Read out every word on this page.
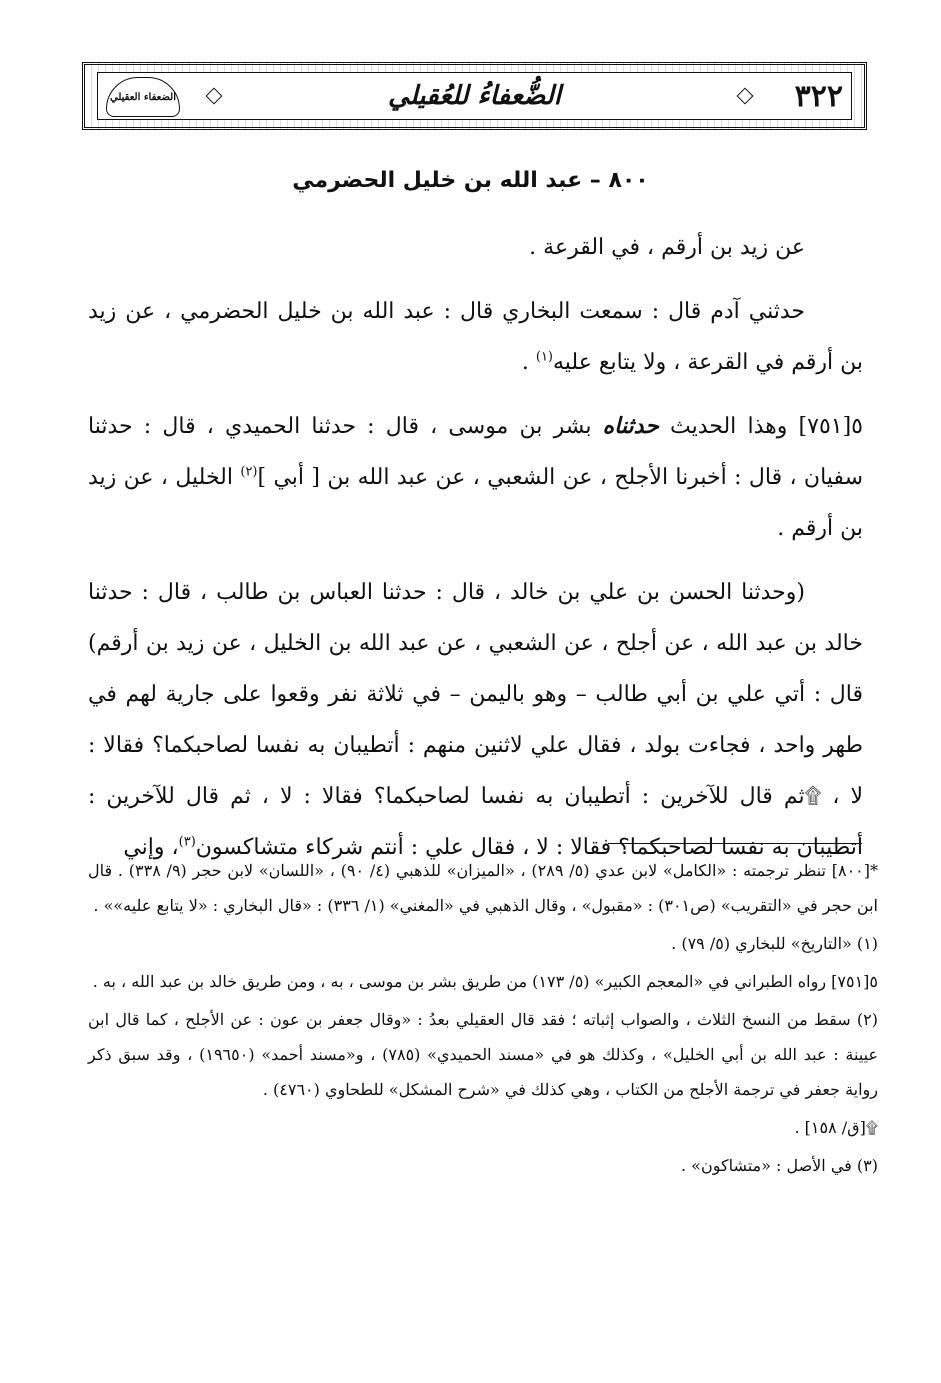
٣٢٢
الضُّعفاءُ للعُقيلي
الضعفاء العقيلي
٨٠٠ – عبد الله بن خليل الحضرمي

عن زيد بن أرقم ، في القرعة .

حدثني آدم قال : سمعت البخاري قال : عبد الله بن خليل الحضرمي ، عن زيد بن أرقم في القرعة ، ولا يتابع عليه$^{(١)}$ .

٥[٧٥١] وهذا الحديث حدثناه بشر بن موسى ، قال : حدثنا الحميدي ، قال : حدثنا سفيان ، قال : أخبرنا الأجلح ، عن الشعبي ، عن عبد الله بن [ أبي ]$^{(٢)}$ الخليل ، عن زيد بن أرقم .

(وحدثنا الحسن بن علي بن خالد ، قال : حدثنا العباس بن طالب ، قال : حدثنا خالد بن عبد الله ، عن أجلح ، عن الشعبي ، عن عبد الله بن الخليل ، عن زيد بن أرقم) قال : أتي علي بن أبي طالب – وهو باليمن – في ثلاثة نفر وقعوا على جارية لهم في طهر واحد ، فجاءت بولد ، فقال علي لاثنين منهم : أتطيبان به نفسا لصاحبكما؟ فقالا : لا ، ۩ثم قال للآخرين : أتطيبان به نفسا لصاحبكما؟ فقالا : لا ، ثم قال للآخرين : أتطيبان به نفسا لصاحبكما؟ فقالا : لا ، فقال علي : أنتم شركاء متشاكسون$^{(٣)}$، وإني

*[٨٠٠] تنظر ترجمته : «الكامل» لابن عدي (٥/ ٢٨٩) ، «الميزان» للذهبي (٤/ ٩٠) ، «اللسان» لابن حجر (٩/ ٣٣٨) . قال ابن حجر في «التقريب» (ص٣٠١) : «مقبول» ، وقال الذهبي في «المغني» (١/ ٣٣٦) : «قال البخاري : «لا يتابع عليه»» .

(١) «التاريخ» للبخاري (٥/ ٧٩) .

٥[٧٥١] رواه الطبراني في «المعجم الكبير» (٥/ ١٧٣) من طريق بشر بن موسى ، به ، ومن طريق خالد بن عبد الله ، به .

(٢) سقط من النسخ الثلاث ، والصواب إثباته ؛ فقد قال العقيلي بعدُ : «وقال جعفر بن عون : عن الأجلح ، كما قال ابن عيينة : عبد الله بن أبي الخليل» ، وكذلك هو في «مسند الحميدي» (٧٨٥) ، و«مسند أحمد» (١٩٦٥٠) ، وقد سبق ذكر رواية جعفر في ترجمة الأجلح من الكتاب ، وهي كذلك في «شرح المشكل» للطحاوي (٤٧٦٠) .

۩[ق/ ١٥٨] .

(٣) في الأصل : «متشاكون» .
